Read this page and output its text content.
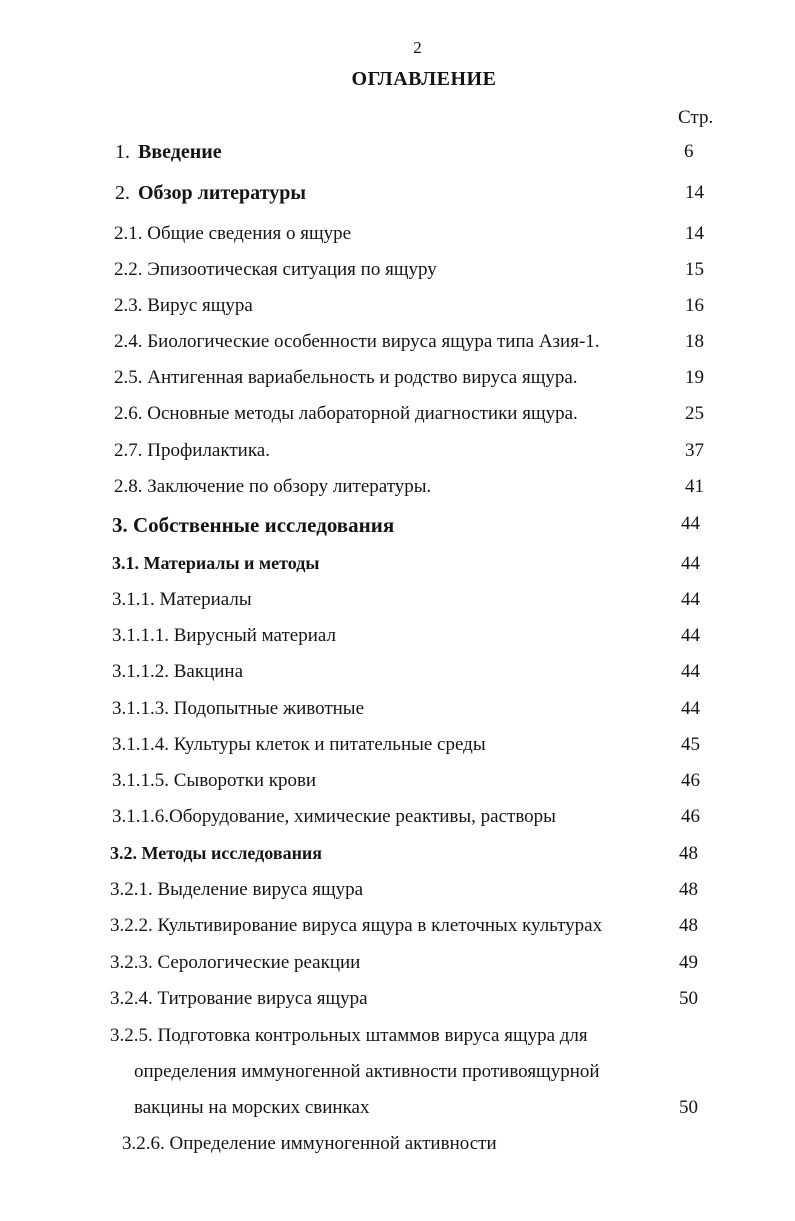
2
ОГЛАВЛЕНИЕ
Стр.
1. Введение	6
2. Обзор литературы	14
2.1. Общие сведения о ящуре	14
2.2. Эпизоотическая ситуация по ящуру	15
2.3. Вирус ящура	16
2.4. Биологические особенности вируса ящура типа Азия-1.	18
2.5. Антигенная вариабельность и родство вируса ящура.	19
2.6. Основные методы лабораторной диагностики ящура.	25
2.7. Профилактика.	37
2.8. Заключение по обзору литературы.	41
3. Собственные исследования	44
3.1. Материалы и методы	44
3.1.1. Материалы	44
3.1.1.1. Вирусный материал	44
3.1.1.2. Вакцина	44
3.1.1.3. Подопытные животные	44
3.1.1.4. Культуры клеток и питательные среды	45
3.1.1.5. Сыворотки крови	46
3.1.1.6.Оборудование, химические реактивы, растворы	46
3.2. Методы исследования	48
3.2.1. Выделение вируса ящура	48
3.2.2. Культивирование вируса ящура в клеточных культурах	48
3.2.3. Серологические реакции	49
3.2.4. Титрование вируса ящура	50
3.2.5. Подготовка контрольных штаммов вируса ящура для
определения иммуногенной активности противоящурной
вакцины на морских свинках	50
3.2.6. Определение иммуногенной активности
